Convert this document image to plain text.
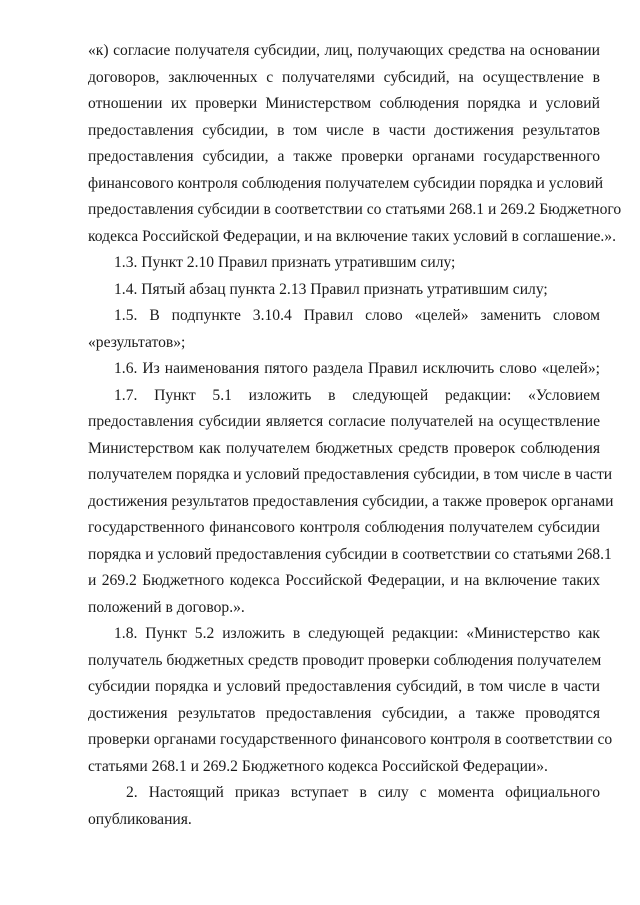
«к) согласие получателя субсидии, лиц, получающих средства на основании
договоров, заключенных с получателями субсидий, на осуществление в
отношении их проверки Министерством соблюдения порядка и условий
предоставления субсидии, в том числе в части достижения результатов
предоставления субсидии, а также проверки органами государственного
финансового контроля соблюдения получателем субсидии порядка и условий
предоставления субсидии в соответствии со статьями 268.1 и 269.2 Бюджетного
кодекса Российской Федерации, и на включение таких условий в соглашение.».
1.3. Пункт 2.10 Правил признать утратившим силу;
1.4. Пятый абзац пункта 2.13 Правил признать утратившим силу;
1.5. В подпункте 3.10.4 Правил слово «целей» заменить словом
«результатов»;
1.6. Из наименования пятого раздела Правил исключить слово «целей»;
1.7. Пункт 5.1 изложить в следующей редакции: «Условием
предоставления субсидии является согласие получателей на осуществление
Министерством как получателем бюджетных средств проверок соблюдения
получателем порядка и условий предоставления субсидии, в том числе в части
достижения результатов предоставления субсидии, а также проверок органами
государственного финансового контроля соблюдения получателем субсидии
порядка и условий предоставления субсидии в соответствии со статьями 268.1
и 269.2 Бюджетного кодекса Российской Федерации, и на включение таких
положений в договор.».
1.8. Пункт 5.2 изложить в следующей редакции: «Министерство как
получатель бюджетных средств проводит проверки соблюдения получателем
субсидии порядка и условий предоставления субсидий, в том числе в части
достижения результатов предоставления субсидии, а также проводятся
проверки органами государственного финансового контроля в соответствии со
статьями 268.1 и 269.2 Бюджетного кодекса Российской Федерации».
2. Настоящий приказ вступает в силу с момента официального
опубликования.
